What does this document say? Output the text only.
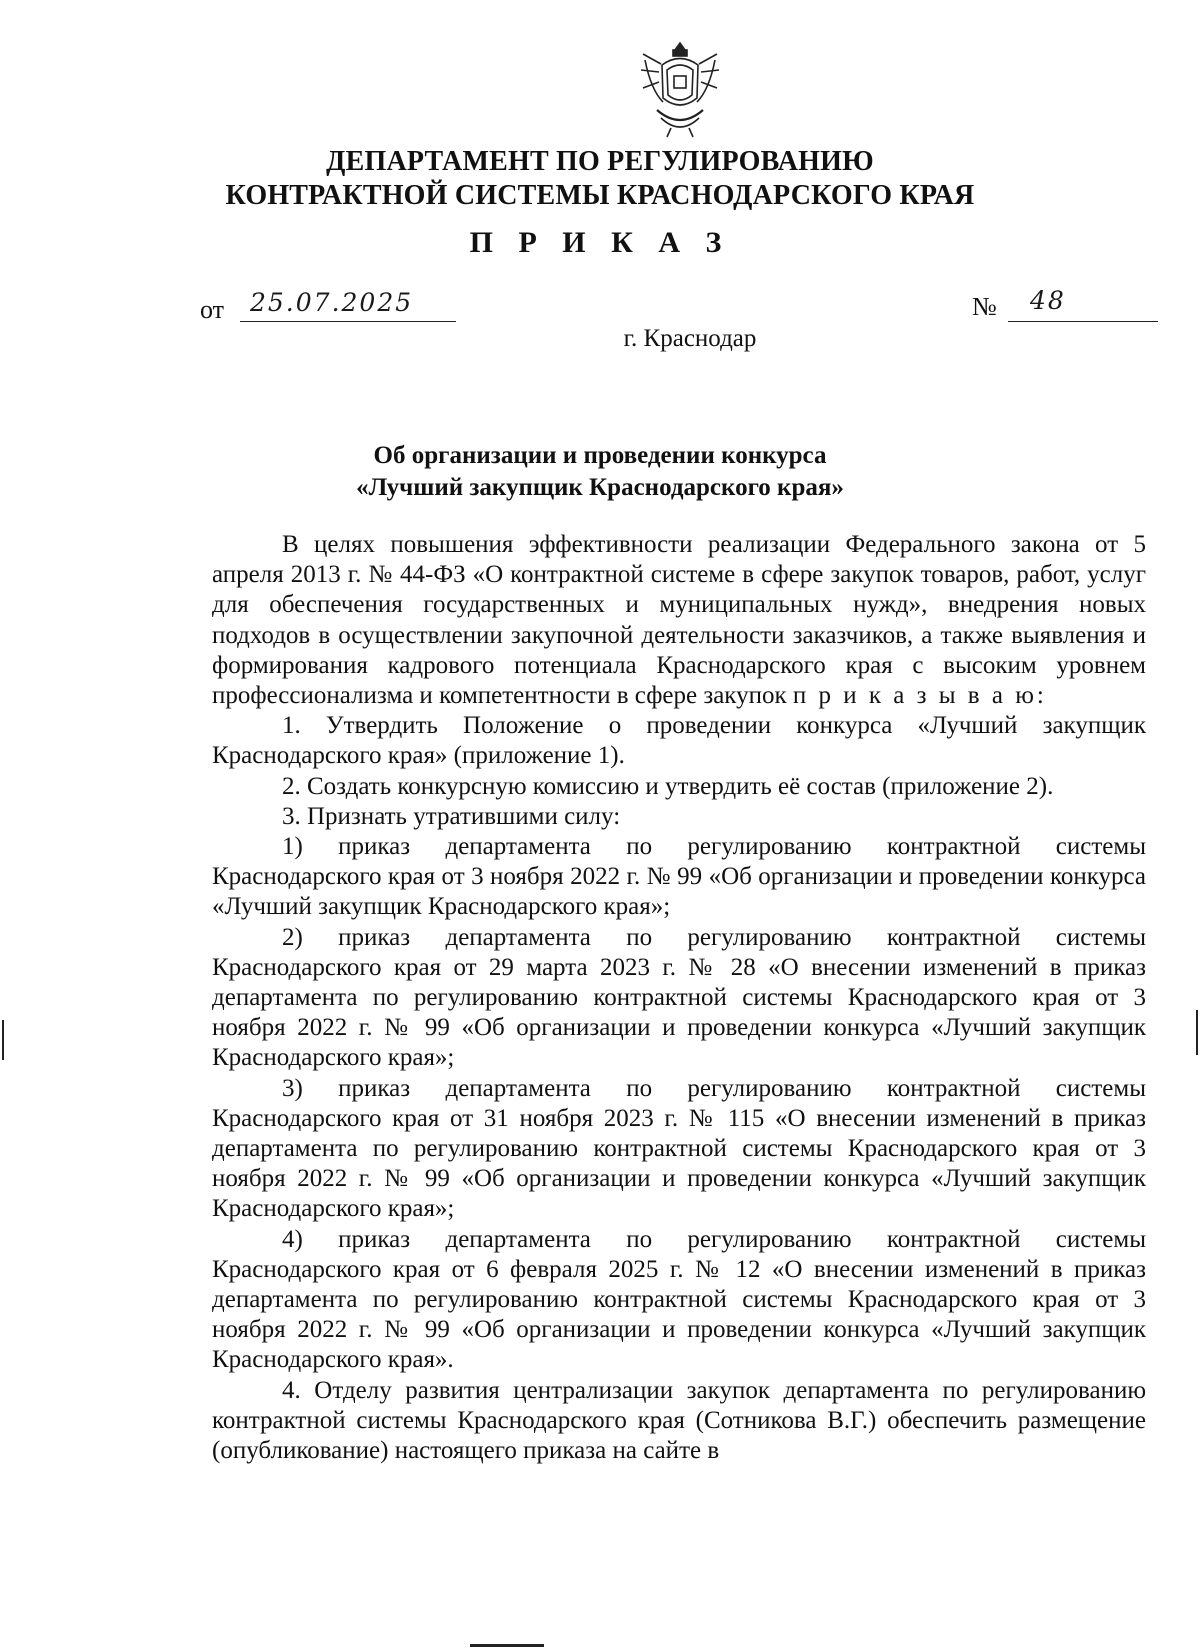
ДЕПАРТАМЕНТ ПО РЕГУЛИРОВАНИЮ
КОНТРАКТНОЙ СИСТЕМЫ КРАСНОДАРСКОГО КРАЯ
П Р И К А З
от 25.07.2025	№ 48
г. Краснодар
Об организации и проведении конкурса
«Лучший закупщик Краснодарского края»

В целях повышения эффективности реализации Федерального закона от 5 апреля 2013 г. № 44-ФЗ «О контрактной системе в сфере закупок товаров, работ, услуг для обеспечения государственных и муниципальных нужд», внедрения новых подходов в осуществлении закупочной деятельности заказчиков, а также выявления и формирования кадрового потенциала Краснодарского края с высоким уровнем профессионализма и компетентности в сфере закупок п р и к а з ы в а ю:

1. Утвердить Положение о проведении конкурса «Лучший закупщик Краснодарского края» (приложение 1).

2. Создать конкурсную комиссию и утвердить её состав (приложение 2).

3. Признать утратившими силу:

1) приказ департамента по регулированию контрактной системы Краснодарского края от 3 ноября 2022 г. № 99 «Об организации и проведении конкурса «Лучший закупщик Краснодарского края»;

2) приказ департамента по регулированию контрактной системы Краснодарского края от 29 марта 2023 г. № 28 «О внесении изменений в приказ департамента по регулированию контрактной системы Краснодарского края от 3 ноября 2022 г. № 99 «Об организации и проведении конкурса «Лучший закупщик Краснодарского края»;

3) приказ департамента по регулированию контрактной системы Краснодарского края от 31 ноября 2023 г. № 115 «О внесении изменений в приказ департамента по регулированию контрактной системы Краснодарского края от 3 ноября 2022 г. № 99 «Об организации и проведении конкурса «Лучший закупщик Краснодарского края»;

4) приказ департамента по регулированию контрактной системы Краснодарского края от 6 февраля 2025 г. № 12 «О внесении изменений в приказ департамента по регулированию контрактной системы Краснодарского края от 3 ноября 2022 г. № 99 «Об организации и проведении конкурса «Лучший закупщик Краснодарского края».

4. Отделу развития централизации закупок департамента по регулированию контрактной системы Краснодарского края (Сотникова В.Г.) обеспечить размещение (опубликование) настоящего приказа на сайте в
